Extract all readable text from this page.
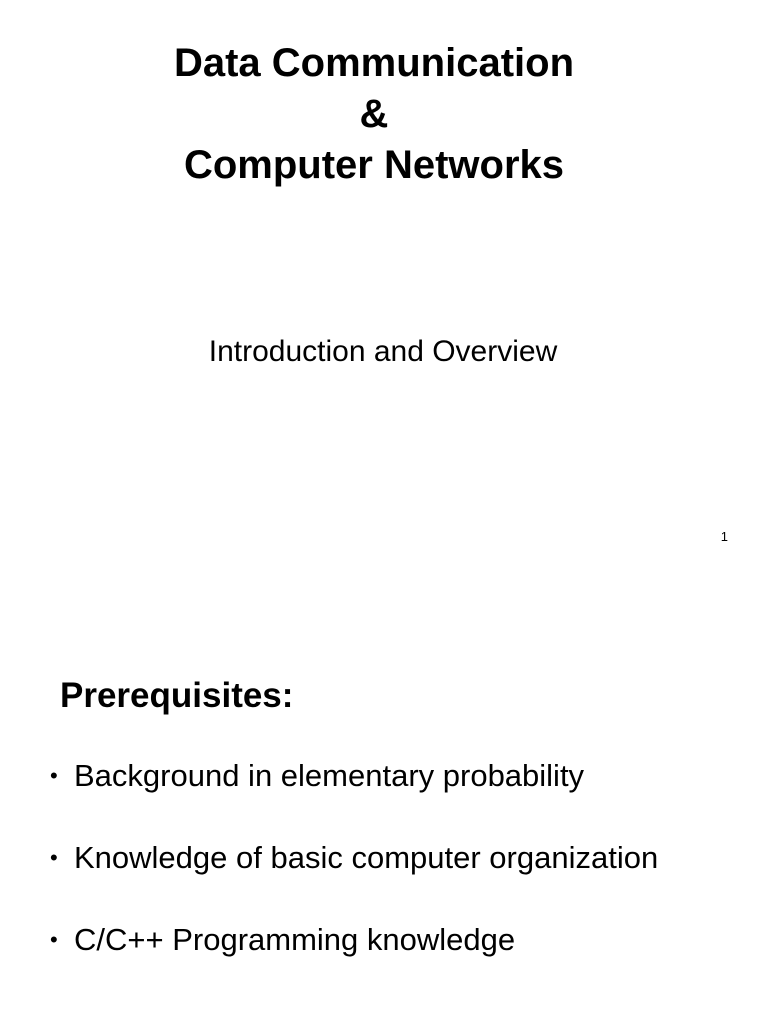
Data Communication
&
Computer Networks

Introduction and Overview

1
Prerequisites:
• Background in elementary probability
• Knowledge of basic computer organization
• C/C++ Programming knowledge
